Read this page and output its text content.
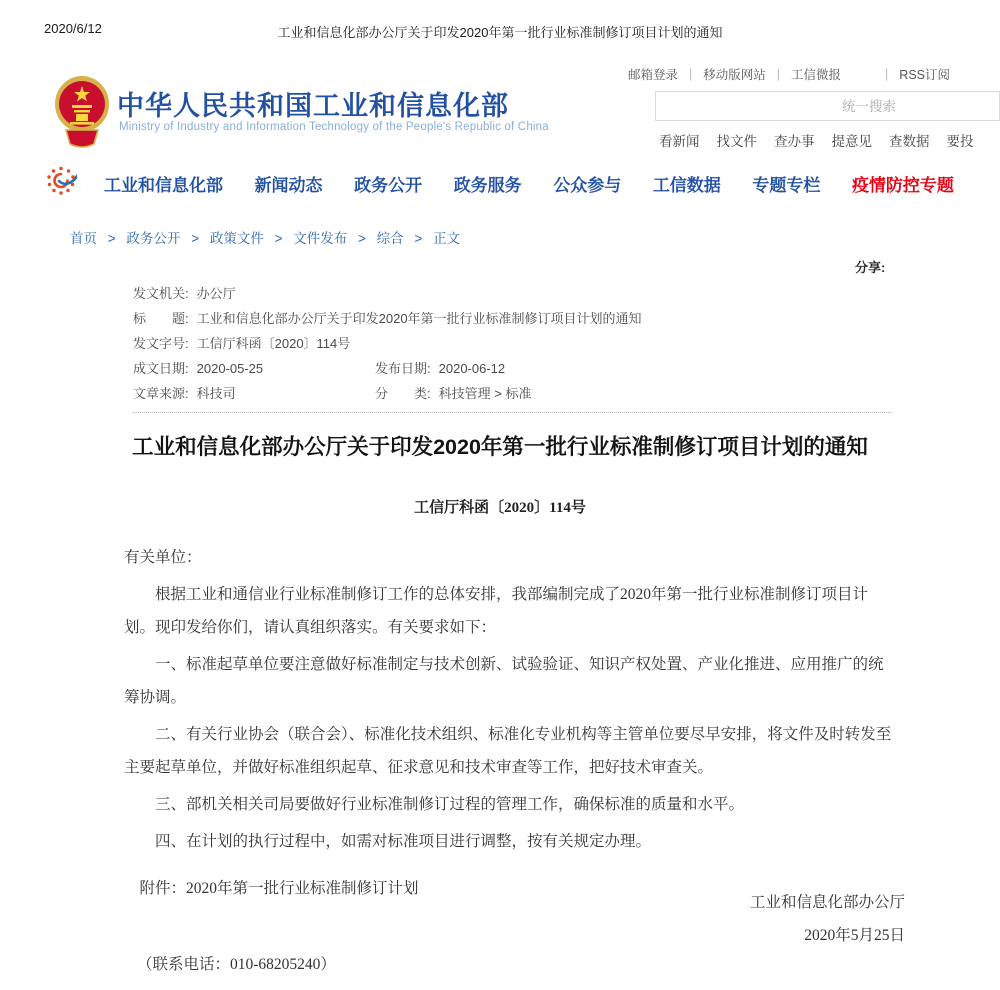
2020/6/12	工业和信息化部办公厅关于印发2020年第一批行业标准制修订项目计划的通知
中华人民共和国工业和信息化部
Ministry of Industry and Information Technology of the People's Republic of China
邮箱登录 | 移动版网站 | 工信微报	| RSS订阅
统一搜索
看新闻 找文件 查办事 提意见 查数据 要投
工业和信息化部 新闻动态 政务公开 政务服务 公众参与 工信数据 专题专栏 疫情防控专题
首页 > 政务公开 > 政策文件 > 文件发布 > 综合 > 正文
分享:
发文机关: 办公厅
标　　题: 工业和信息化部办公厅关于印发2020年第一批行业标准制修订项目计划的通知
发文字号: 工信厅科函〔2020〕114号
成文日期: 2020-05-25	发布日期: 2020-06-12
文章来源: 科技司	分　　类: 科技管理 > 标准
工业和信息化部办公厅关于印发2020年第一批行业标准制修订项目计划的通知
工信厅科函〔2020〕114号

有关单位：

根据工业和通信业行业标准制修订工作的总体安排，我部编制完成了2020年第一批行业标准制修订项目计划。现印发给你们，请认真组织落实。有关要求如下：

一、标准起草单位要注意做好标准制定与技术创新、试验验证、知识产权处置、产业化推进、应用推广的统筹协调。

二、有关行业协会（联合会）、标准化技术组织、标准化专业机构等主管单位要尽早安排，将文件及时转发至主要起草单位，并做好标准组织起草、征求意见和技术审查等工作，把好技术审查关。

三、部机关相关司局要做好行业标准制修订过程的管理工作，确保标准的质量和水平。

四、在计划的执行过程中，如需对标准项目进行调整，按有关规定办理。

附件：2020年第一批行业标准制修订计划

工业和信息化部办公厅
2020年5月25日
（联系电话：010-68205240）
